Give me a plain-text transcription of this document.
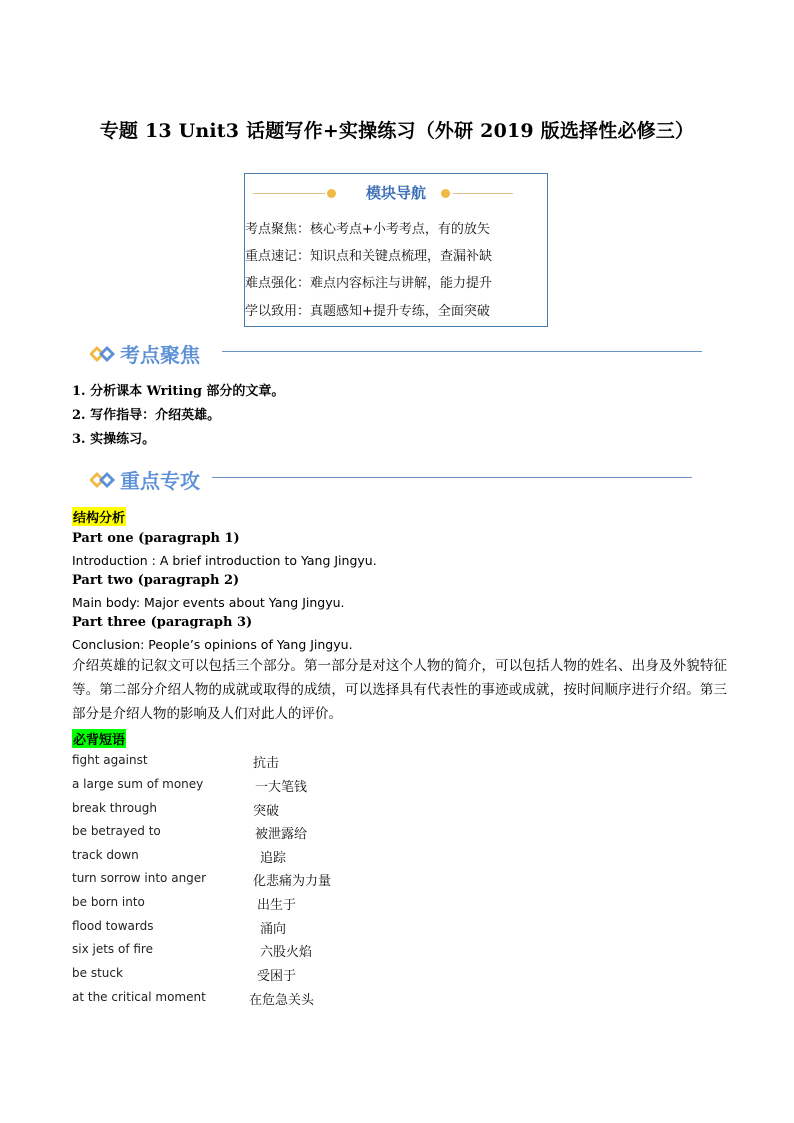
专题 13 Unit3 话题写作+实操练习（外研 2019 版选择性必修三）
模块导航
考点聚焦：核心考点+小考考点，有的放矢
重点速记：知识点和关键点梳理，查漏补缺
难点强化：难点内容标注与讲解，能力提升
学以致用：真题感知+提升专练，全面突破
考点聚焦
1. 分析课本 Writing 部分的文章。
2. 写作指导：介绍英雄。
3. 实操练习。
重点专攻
结构分析
Part one (paragraph 1)
Introduction : A brief introduction to Yang Jingyu.
Part two (paragraph 2)
Main body: Major events about Yang Jingyu.
Part three (paragraph 3)
Conclusion: People’s opinions of Yang Jingyu.
介绍英雄的记叙文可以包括三个部分。第一部分是对这个人物的简介，可以包括人物的姓名、出身及外貌特征等。第二部分介绍人物的成就或取得的成绩，可以选择具有代表性的事迹或成就，按时间顺序进行介绍。第三部分是介绍人物的影响及人们对此人的评价。
必背短语
fight against	抗击
a large sum of money	一大笔钱
break through	突破
be betrayed to	被泄露给
track down	追踪
turn sorrow into anger	化悲痛为力量
be born into	出生于
flood towards	涌向
six jets of fire	六股火焰
be stuck	受困于
at the critical moment	在危急关头
